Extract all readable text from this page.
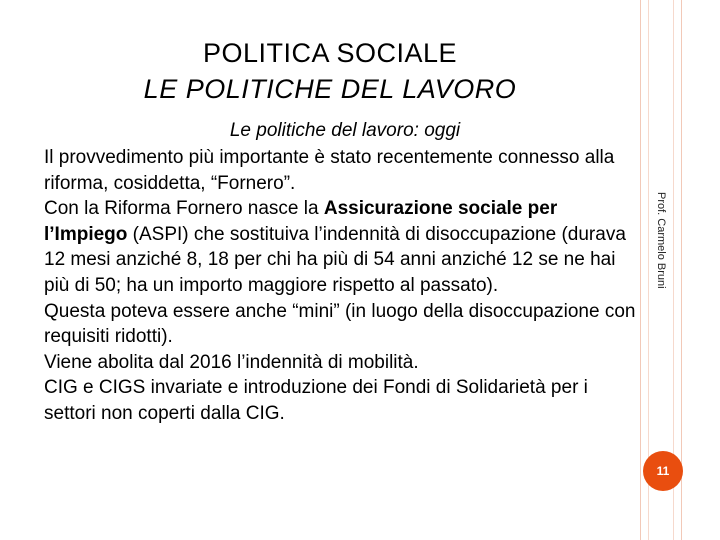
POLITICA SOCIALE
LE POLITICHE DEL LAVORO
Le politiche del lavoro: oggi

Il provvedimento più importante è stato recentemente connesso alla riforma, cosiddetta, “Fornero”.

Con la Riforma Fornero nasce la Assicurazione sociale per l’Impiego (ASPI) che sostituiva l’indennità di disoccupazione (durava 12 mesi anziché 8, 18 per chi ha più di 54 anni anziché 12 se ne hai più di 50; ha un importo maggiore rispetto al passato).

Questa poteva essere anche “mini” (in luogo della disoccupazione con requisiti ridotti).

Viene abolita dal 2016 l’indennità di mobilità.

CIG e CIGS invariate e introduzione dei Fondi di Solidarietà per i settori non coperti dalla CIG.

Prof. Carmelo Bruni
11
